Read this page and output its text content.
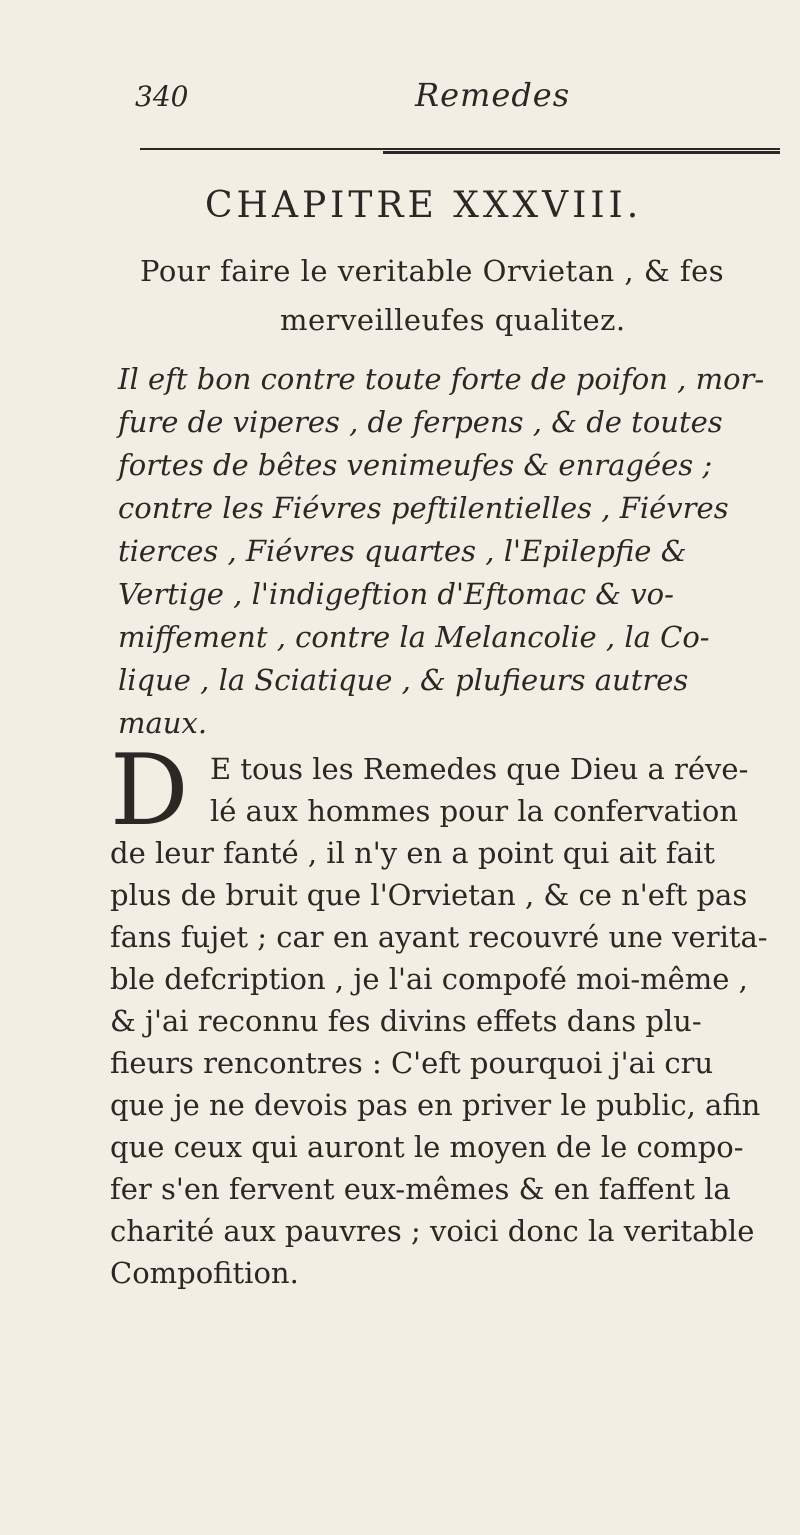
340	Remedes
CHAPITRE XXXVIII.
Pour faire le veritable Orvietan , & fes
merveilleufes qualitez.
Il eft bon contre toute forte de poifon , mor-
fure de viperes , de ferpens , & de toutes
fortes de bêtes venimeufes & enragées ;
contre les Fiévres peftilentielles , Fiévres
tierces , Fiévres quartes , l'Epilepfie &
Vertige , l'indigeftion d'Eftomac & vo-
miffement , contre la Melancolie , la Co-
lique , la Sciatique , & plufieurs autres
maux.
D E tous les Remedes que Dieu a réve-
lé aux hommes pour la confervation
de leur fanté , il n'y en a point qui ait fait
plus de bruit que l'Orvietan , & ce n'eft pas
fans fujet ; car en ayant recouvré une verita-
ble defcription , je l'ai compofé moi-même ,
& j'ai reconnu fes divins effets dans plu-
fieurs rencontres : C'eft pourquoi j'ai cru
que je ne devois pas en priver le public, afin
que ceux qui auront le moyen de le compo-
fer s'en fervent eux-mêmes & en faffent la
charité aux pauvres ; voici donc la veritable
Compofition.
